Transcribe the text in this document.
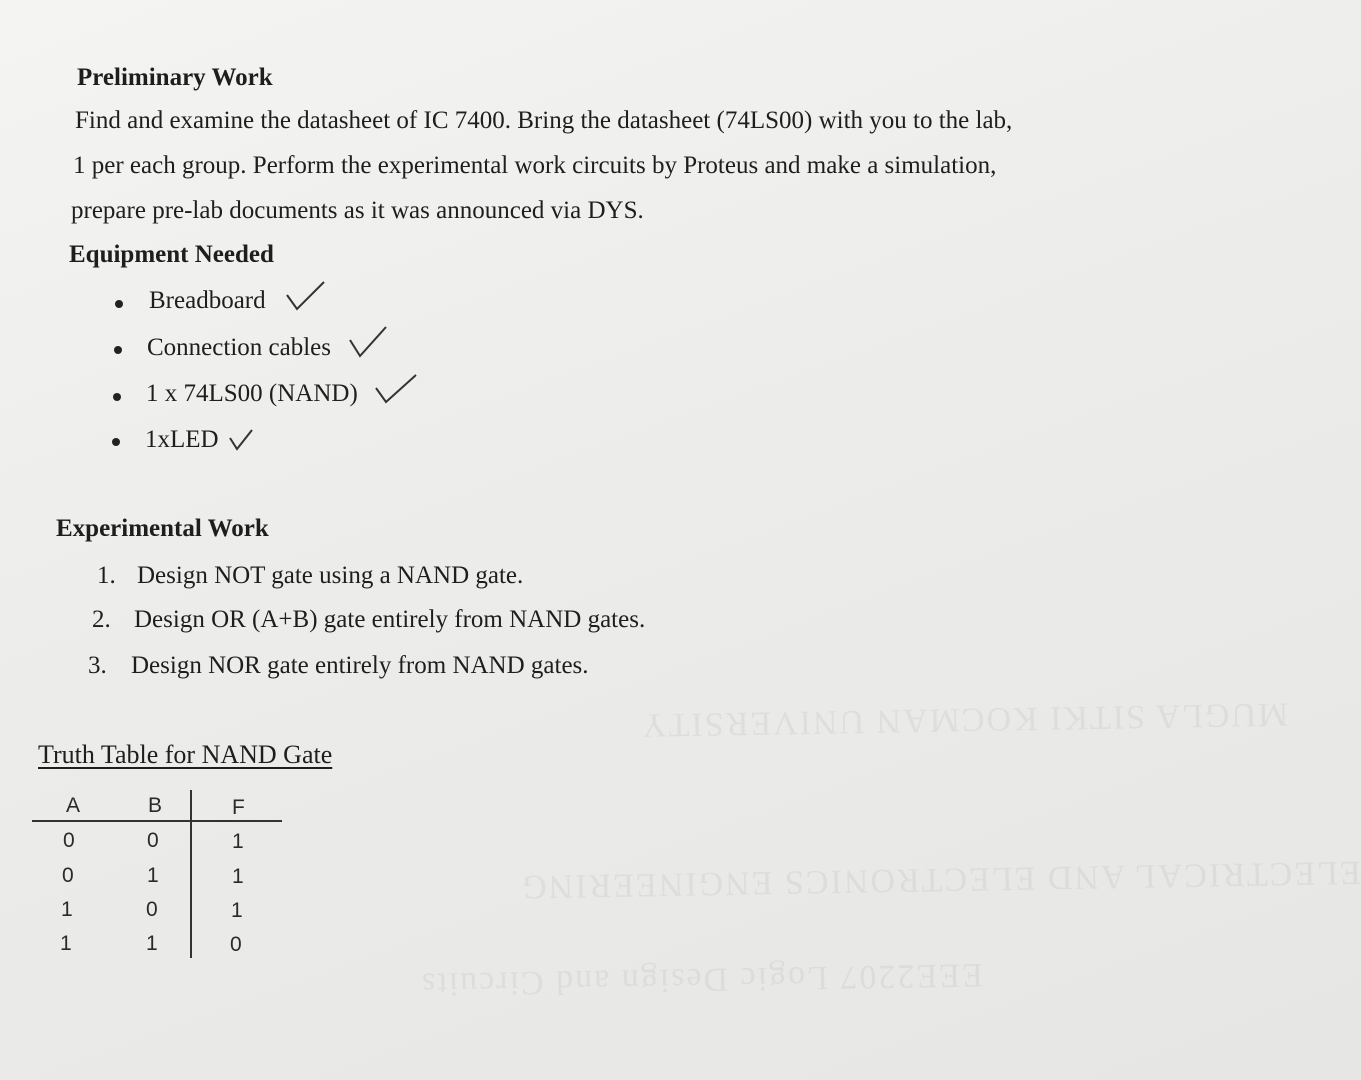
MUGLA SITKI KOCMAN UNIVERSITY
ELECTRICAL AND ELECTRONICS ENGINEERING
EEE2207 Logic Design and Circuits
Preliminary Work
Find and examine the datasheet of IC 7400. Bring the datasheet (74LS00) with you to the lab,
1 per each group. Perform the experimental work circuits by Proteus and make a simulation,
prepare pre-lab documents as it was announced via DYS.
Equipment Needed
Breadboard
Connection cables
1 x 74LS00 (NAND)
1xLED
Experimental Work
1. Design NOT gate using a NAND gate.
2. Design OR (A+B) gate entirely from NAND gates.
3. Design NOR gate entirely from NAND gates.
Truth Table for NAND Gate
A	B	F
0	0	1
0	1	1
1	0	1
1	1	0
